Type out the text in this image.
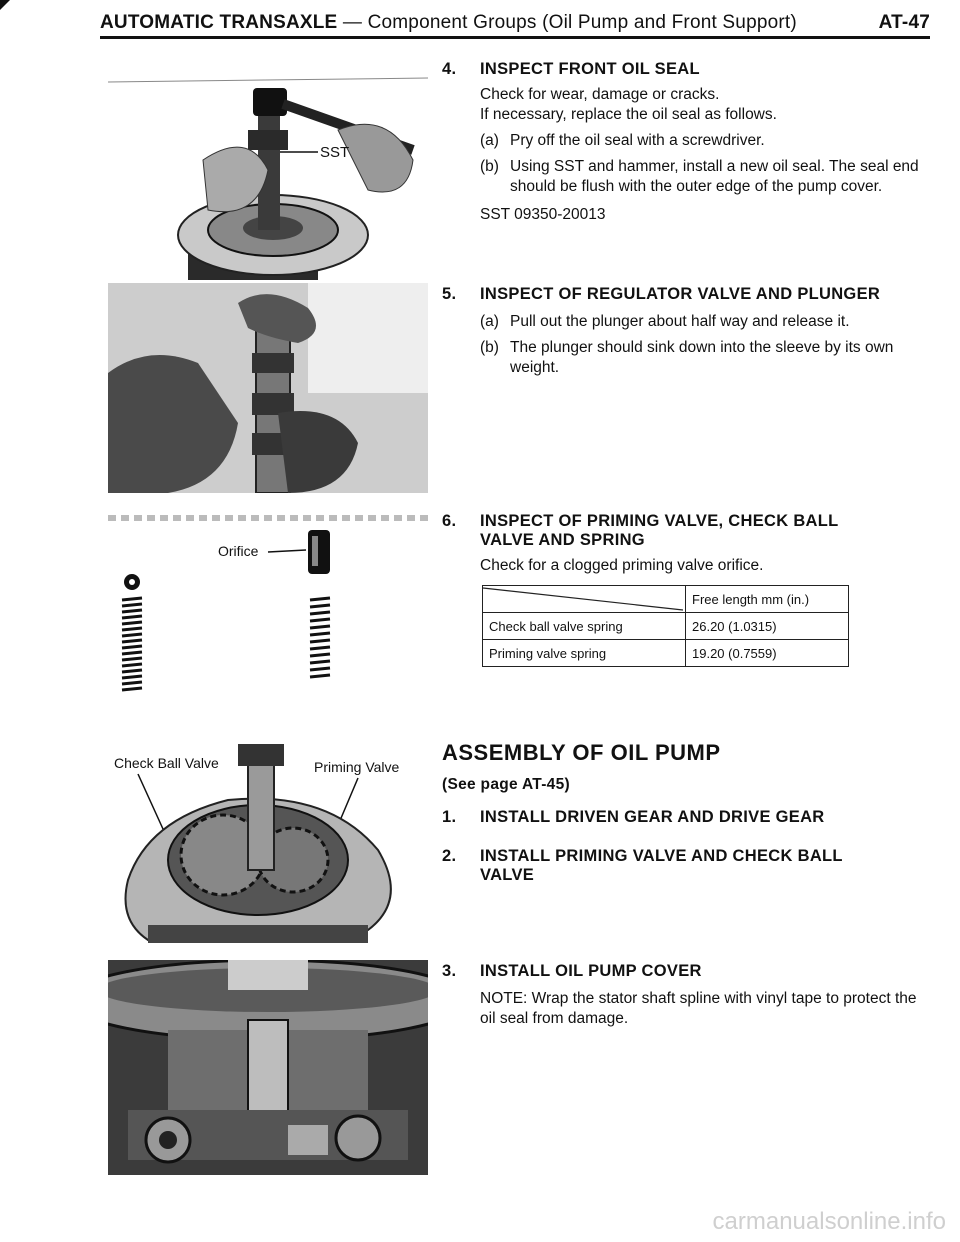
AUTOMATIC TRANSAXLE — Component Groups (Oil Pump and Front Support)	AT-47
SST
Orifice
Check Ball Valve	Priming Valve
4. INSPECT FRONT OIL SEAL
Check for wear, damage or cracks.
If necessary, replace the oil seal as follows.
(a) Pry off the oil seal with a screwdriver.
(b) Using SST and hammer, install a new oil seal. The seal end should be flush with the outer edge of the pump cover.
SST 09350-20013
5. INSPECT OF REGULATOR VALVE AND PLUNGER
(a) Pull out the plunger about half way and release it.
(b) The plunger should sink down into the sleeve by its own weight.
6. INSPECT OF PRIMING VALVE, CHECK BALL
VALVE AND SPRING
Check for a clogged priming valve orifice.
	Free length mm (in.)
Check ball valve spring	26.20 (1.0315)
Priming valve spring	19.20 (0.7559)
ASSEMBLY OF OIL PUMP
(See page AT-45)
1. INSTALL DRIVEN GEAR AND DRIVE GEAR
2. INSTALL PRIMING VALVE AND CHECK BALL
VALVE
3. INSTALL OIL PUMP COVER
NOTE: Wrap the stator shaft spline with vinyl tape to protect the oil seal from damage.
carmanualsonline.info
